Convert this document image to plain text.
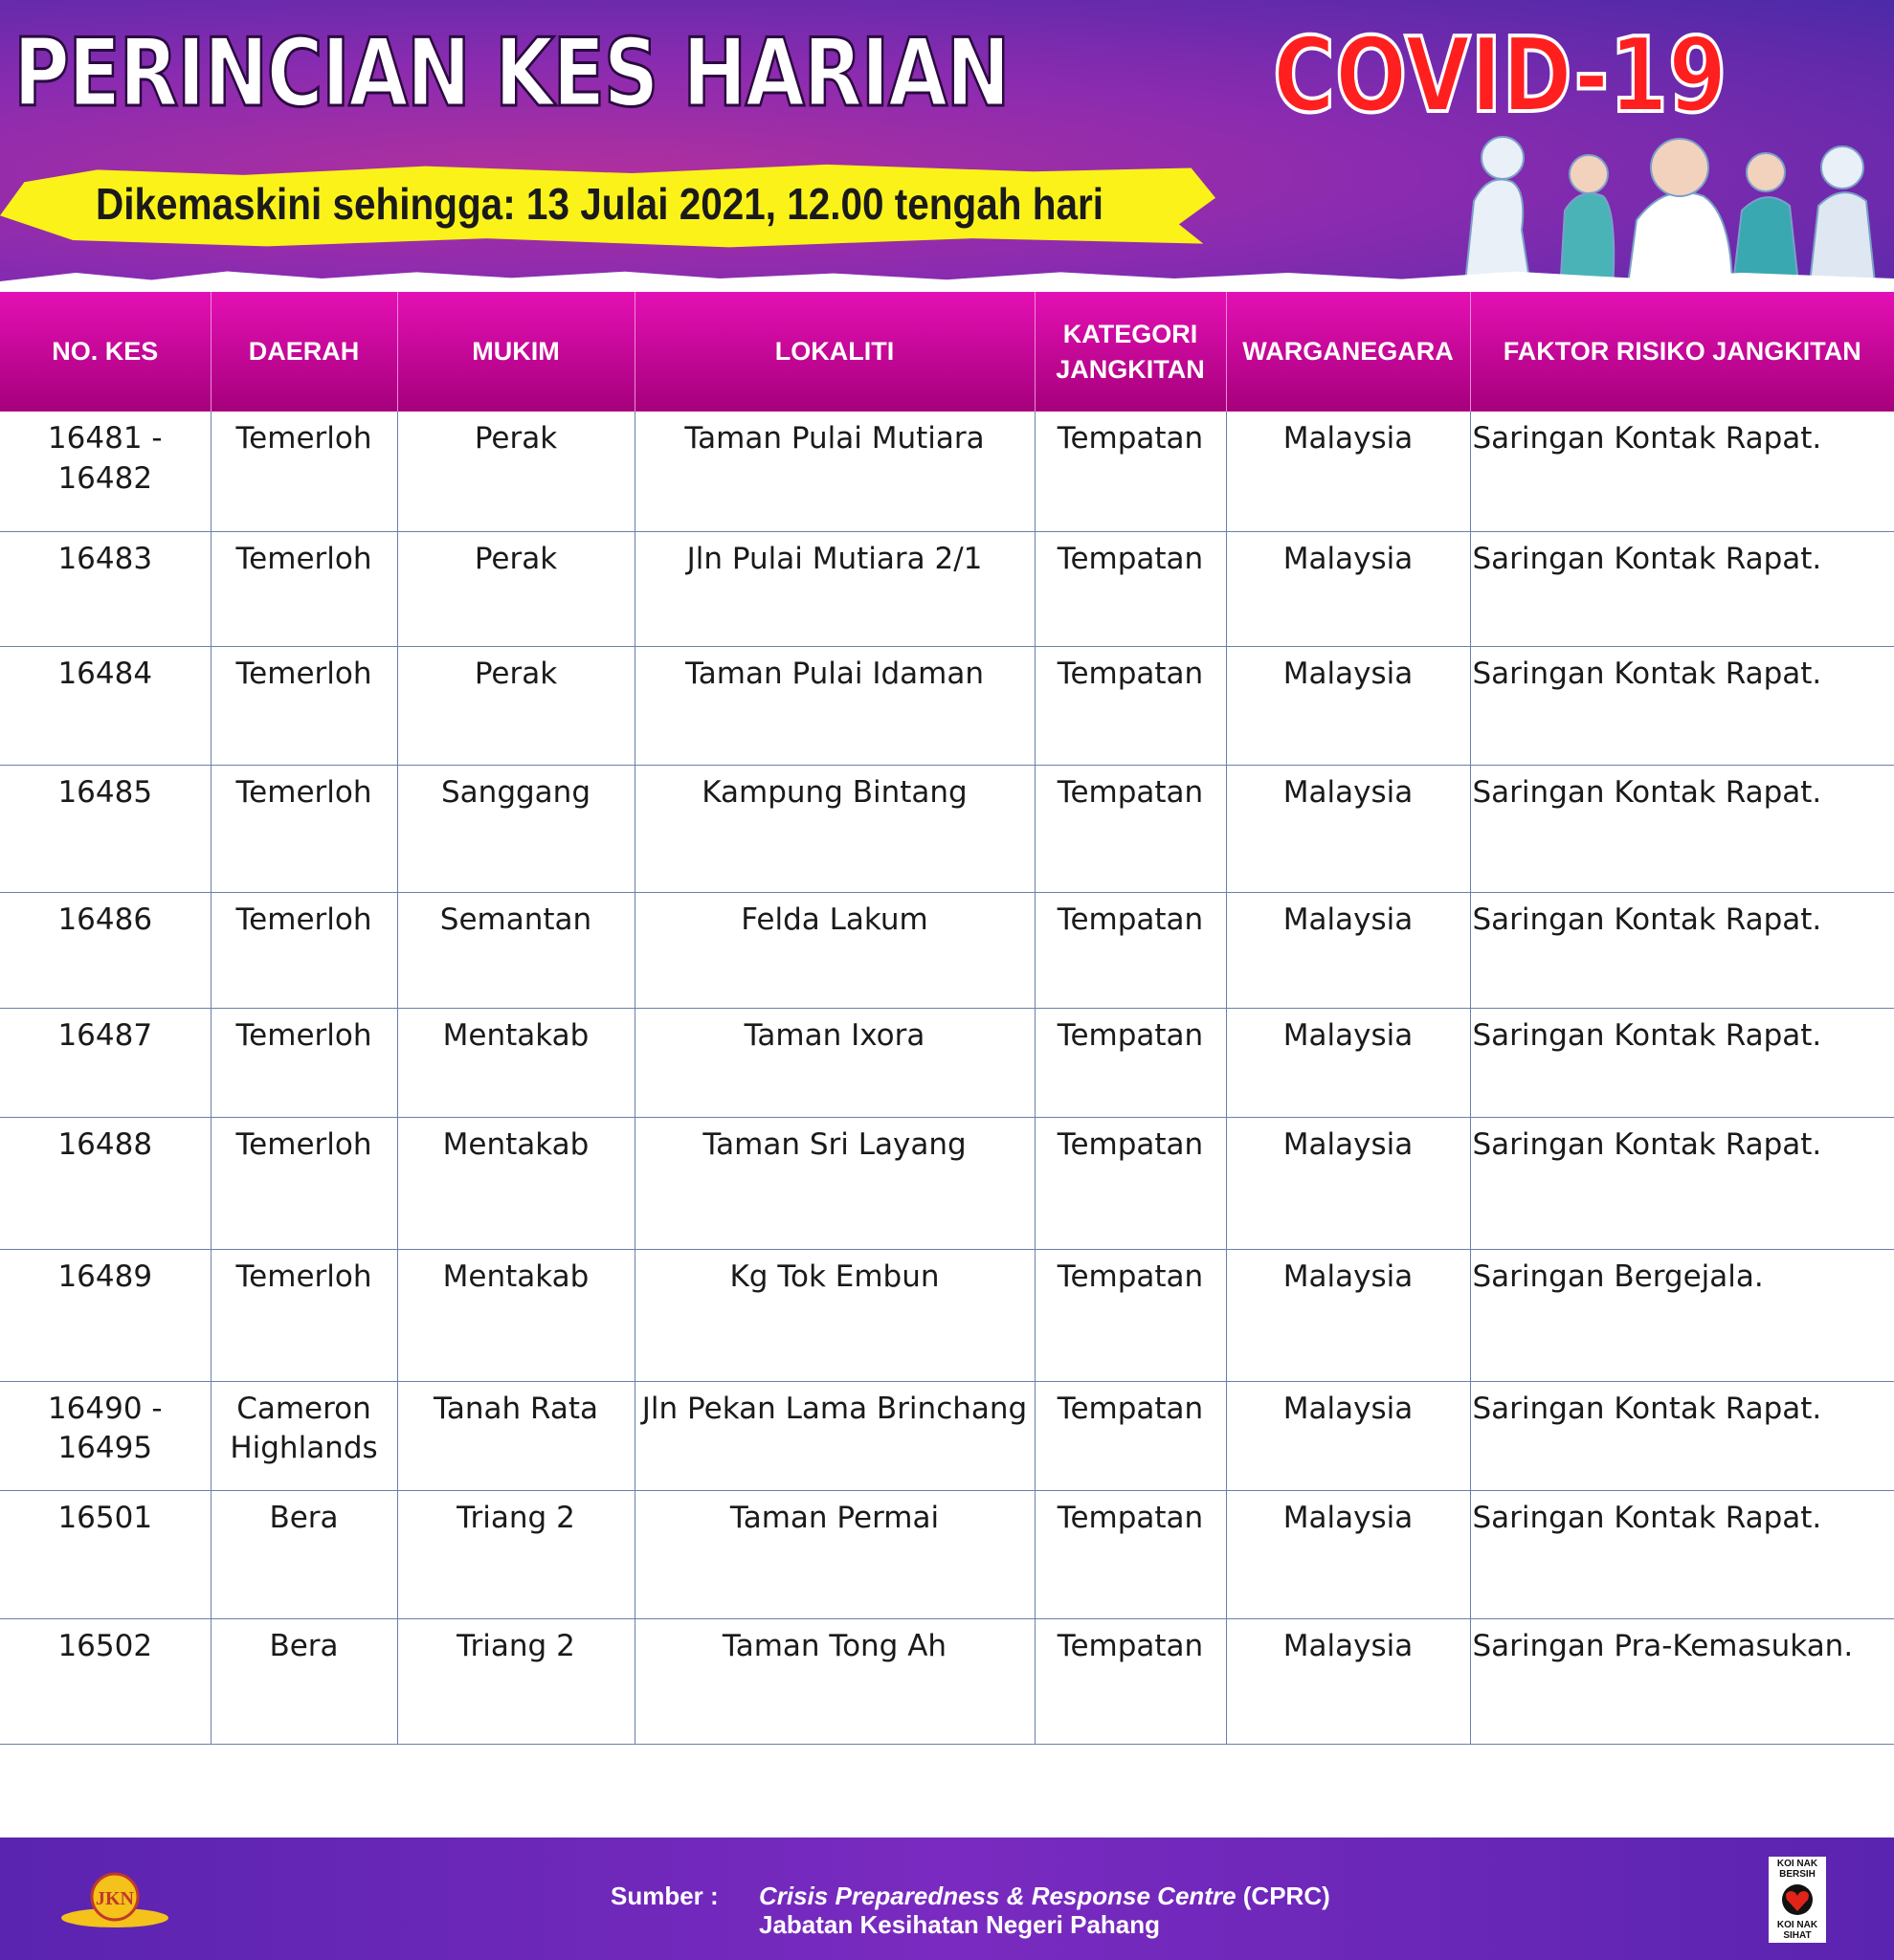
PERINCIAN KES HARIAN	COVID-19
Dikemaskini sehingga: 13 Julai 2021, 12.00 tengah hari
NO. KES	DAERAH	MUKIM	LOKALITI	KATEGORI JANGKITAN	WARGANEGARA	FAKTOR RISIKO JANGKITAN
16481 - 16482	Temerloh	Perak	Taman Pulai Mutiara	Tempatan	Malaysia	Saringan Kontak Rapat.
16483	Temerloh	Perak	Jln Pulai Mutiara 2/1	Tempatan	Malaysia	Saringan Kontak Rapat.
16484	Temerloh	Perak	Taman Pulai Idaman	Tempatan	Malaysia	Saringan Kontak Rapat.
16485	Temerloh	Sanggang	Kampung Bintang	Tempatan	Malaysia	Saringan Kontak Rapat.
16486	Temerloh	Semantan	Felda Lakum	Tempatan	Malaysia	Saringan Kontak Rapat.
16487	Temerloh	Mentakab	Taman Ixora	Tempatan	Malaysia	Saringan Kontak Rapat.
16488	Temerloh	Mentakab	Taman Sri Layang	Tempatan	Malaysia	Saringan Kontak Rapat.
16489	Temerloh	Mentakab	Kg Tok Embun	Tempatan	Malaysia	Saringan Bergejala.
16490 - 16495	Cameron Highlands	Tanah Rata	Jln Pekan Lama Brinchang	Tempatan	Malaysia	Saringan Kontak Rapat.
16501	Bera	Triang 2	Taman Permai	Tempatan	Malaysia	Saringan Kontak Rapat.
16502	Bera	Triang 2	Taman Tong Ah	Tempatan	Malaysia	Saringan Pra-Kemasukan.
JKN	Sumber : Crisis Preparedness & Response Centre (CPRC)
Jabatan Kesihatan Negeri Pahang
KOI NAK
BERSIH
KOI NAK
SIHAT
